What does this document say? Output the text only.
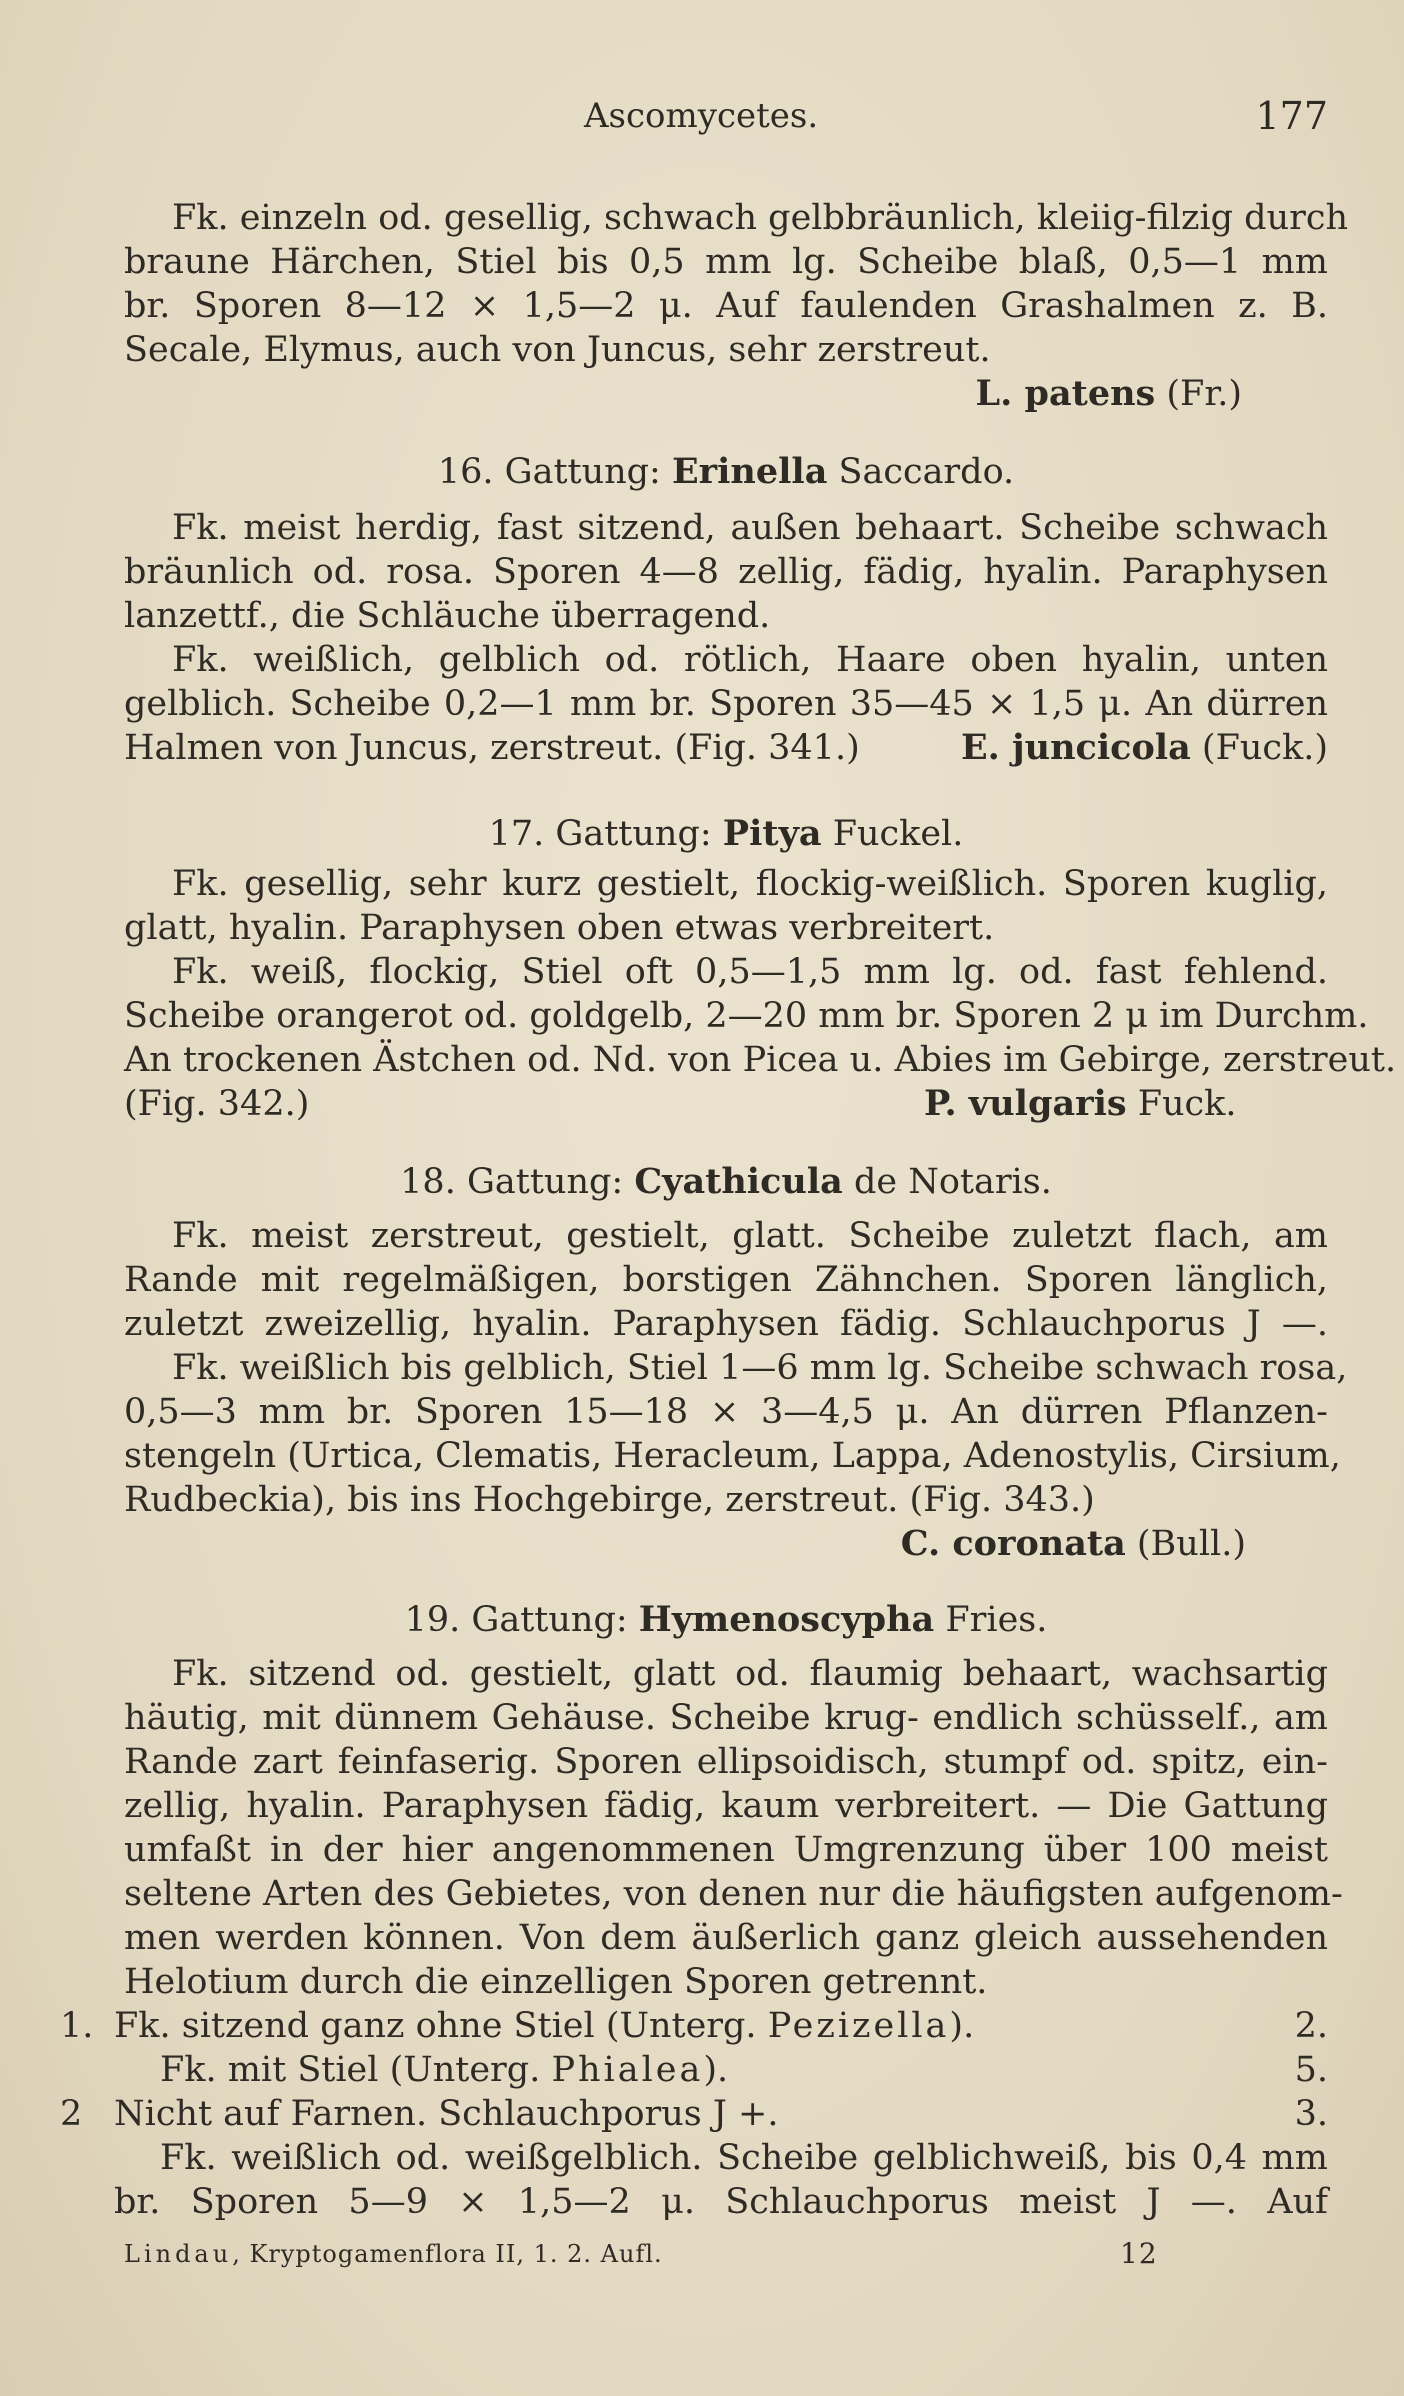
Ascomycetes.	177
Fk. einzeln od. gesellig, schwach gelbbräunlich, kleiig-filzig durch
braune Härchen, Stiel bis 0,5 mm lg. Scheibe blaß, 0,5—1 mm
br. Sporen 8—12 × 1,5—2 μ. Auf faulenden Grashalmen z. B.
Secale, Elymus, auch von Juncus, sehr zerstreut.
L. patens (Fr.)
16. Gattung: Erinella Saccardo.
Fk. meist herdig, fast sitzend, außen behaart. Scheibe schwach
bräunlich od. rosa. Sporen 4—8 zellig, fädig, hyalin. Paraphysen
lanzettf., die Schläuche überragend.
Fk. weißlich, gelblich od. rötlich, Haare oben hyalin, unten
gelblich. Scheibe 0,2—1 mm br. Sporen 35—45 × 1,5 μ. An dürren
Halmen von Juncus, zerstreut. (Fig. 341.)	E. juncicola (Fuck.)
17. Gattung: Pitya Fuckel.
Fk. gesellig, sehr kurz gestielt, flockig-weißlich. Sporen kuglig,
glatt, hyalin. Paraphysen oben etwas verbreitert.
Fk. weiß, flockig, Stiel oft 0,5—1,5 mm lg. od. fast fehlend.
Scheibe orangerot od. goldgelb, 2—20 mm br. Sporen 2 μ im Durchm.
An trockenen Ästchen od. Nd. von Picea u. Abies im Gebirge, zerstreut.
(Fig. 342.)	P. vulgaris Fuck.
18. Gattung: Cyathicula de Notaris.
Fk. meist zerstreut, gestielt, glatt. Scheibe zuletzt flach, am
Rande mit regelmäßigen, borstigen Zähnchen. Sporen länglich,
zuletzt zweizellig, hyalin. Paraphysen fädig. Schlauchporus J —.
Fk. weißlich bis gelblich, Stiel 1—6 mm lg. Scheibe schwach rosa,
0,5—3 mm br. Sporen 15—18 × 3—4,5 μ. An dürren Pflanzen-
stengeln (Urtica, Clematis, Heracleum, Lappa, Adenostylis, Cirsium,
Rudbeckia), bis ins Hochgebirge, zerstreut. (Fig. 343.)
C. coronata (Bull.)
19. Gattung: Hymenoscypha Fries.
Fk. sitzend od. gestielt, glatt od. flaumig behaart, wachsartig
häutig, mit dünnem Gehäuse. Scheibe krug- endlich schüsself., am
Rande zart feinfaserig. Sporen ellipsoidisch, stumpf od. spitz, ein-
zellig, hyalin. Paraphysen fädig, kaum verbreitert. — Die Gattung
umfaßt in der hier angenommenen Umgrenzung über 100 meist
seltene Arten des Gebietes, von denen nur die häufigsten aufgenom-
men werden können. Von dem äußerlich ganz gleich aussehenden
Helotium durch die einzelligen Sporen getrennt.
1. Fk. sitzend ganz ohne Stiel (Unterg. Pezizella).	2.
Fk. mit Stiel (Unterg. Phialea).	5.
2 Nicht auf Farnen. Schlauchporus J +.	3.
Fk. weißlich od. weißgelblich. Scheibe gelblichweiß, bis 0,4 mm
br. Sporen 5—9 × 1,5—2 μ. Schlauchporus meist J —. Auf
Lindau, Kryptogamenflora II, 1. 2. Aufl.	12
